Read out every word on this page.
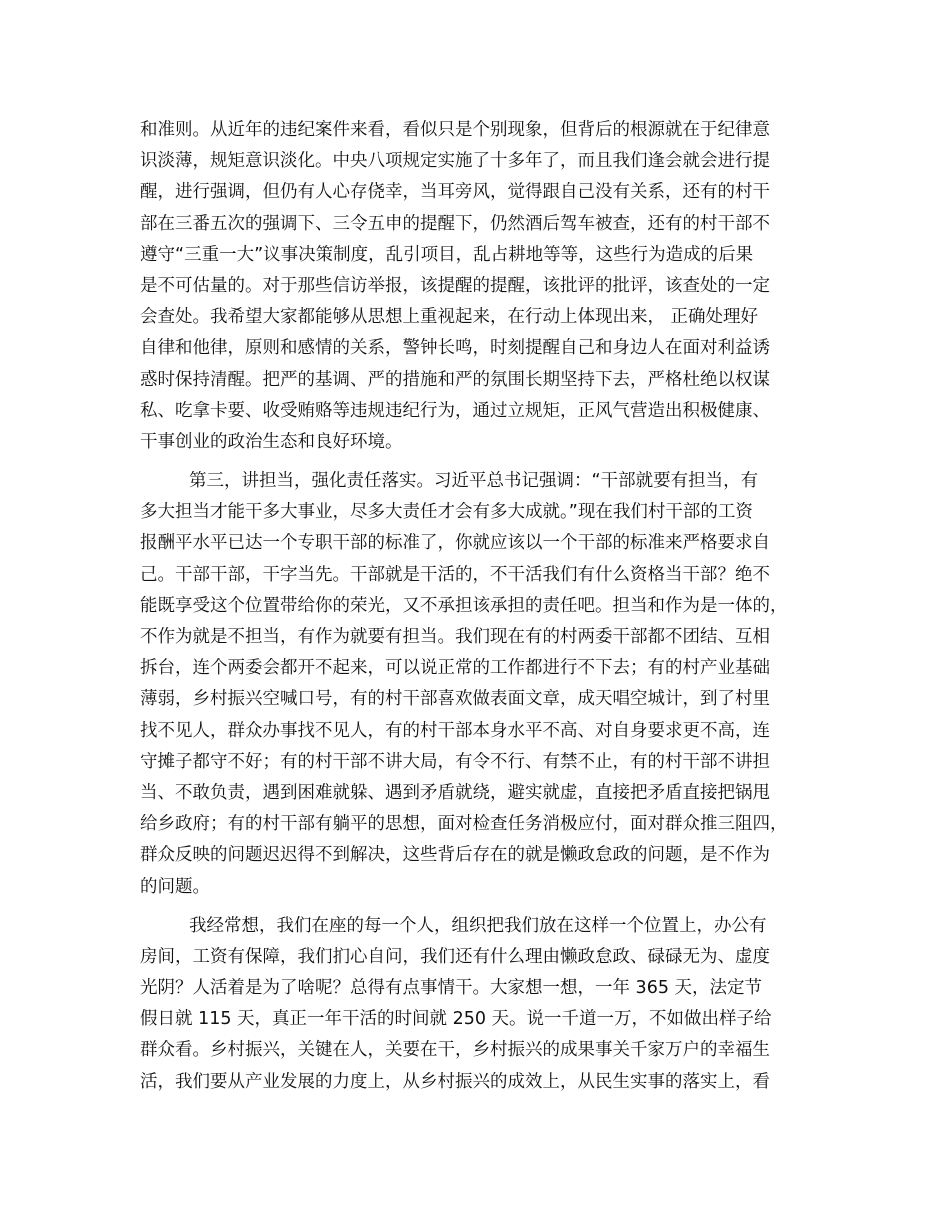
和准则。从近年的违纪案件来看，看似只是个别现象，但背后的根源就在于纪律意
识淡薄，规矩意识淡化。中央八项规定实施了十多年了，而且我们逢会就会进行提
醒，进行强调，但仍有人心存侥幸，当耳旁风，觉得跟自己没有关系，还有的村干
部在三番五次的强调下、三令五申的提醒下，仍然酒后驾车被查，还有的村干部不
遵守“三重一大”议事决策制度，乱引项目，乱占耕地等等，这些行为造成的后果
是不可估量的。对于那些信访举报，该提醒的提醒，该批评的批评，该查处的一定
会查处。我希望大家都能够从思想上重视起来，在行动上体现出来， 正确处理好
自律和他律，原则和感情的关系，警钟长鸣，时刻提醒自己和身边人在面对利益诱
惑时保持清醒。把严的基调、严的措施和严的氛围长期坚持下去，严格杜绝以权谋
私、吃拿卡要、收受贿赂等违规违纪行为，通过立规矩，正风气营造出积极健康、
干事创业的政治生态和良好环境。
第三，讲担当，强化责任落实。习近平总书记强调：“干部就要有担当，有
多大担当才能干多大事业，尽多大责任才会有多大成就。”现在我们村干部的工资
报酬平水平已达一个专职干部的标准了，你就应该以一个干部的标准来严格要求自
己。干部干部，干字当先。干部就是干活的，不干活我们有什么资格当干部？绝不
能既享受这个位置带给你的荣光，又不承担该承担的责任吧。担当和作为是一体的，
不作为就是不担当，有作为就要有担当。我们现在有的村两委干部都不团结、互相
拆台，连个两委会都开不起来，可以说正常的工作都进行不下去；有的村产业基础
薄弱，乡村振兴空喊口号，有的村干部喜欢做表面文章，成天唱空城计，到了村里
找不见人，群众办事找不见人，有的村干部本身水平不高、对自身要求更不高，连
守摊子都守不好；有的村干部不讲大局，有令不行、有禁不止，有的村干部不讲担
当、不敢负责，遇到困难就躲、遇到矛盾就绕，避实就虚，直接把矛盾直接把锅甩
给乡政府；有的村干部有躺平的思想，面对检查任务消极应付，面对群众推三阻四，
群众反映的问题迟迟得不到解决，这些背后存在的就是懒政怠政的问题，是不作为
的问题。
我经常想，我们在座的每一个人，组织把我们放在这样一个位置上，办公有
房间，工资有保障，我们扪心自问，我们还有什么理由懒政怠政、碌碌无为、虚度
光阴？人活着是为了啥呢？总得有点事情干。大家想一想，一年 365 天，法定节
假日就 115 天，真正一年干活的时间就 250 天。说一千道一万，不如做出样子给
群众看。乡村振兴，关键在人，关要在干，乡村振兴的成果事关千家万户的幸福生
活，我们要从产业发展的力度上，从乡村振兴的成效上，从民生实事的落实上，看
